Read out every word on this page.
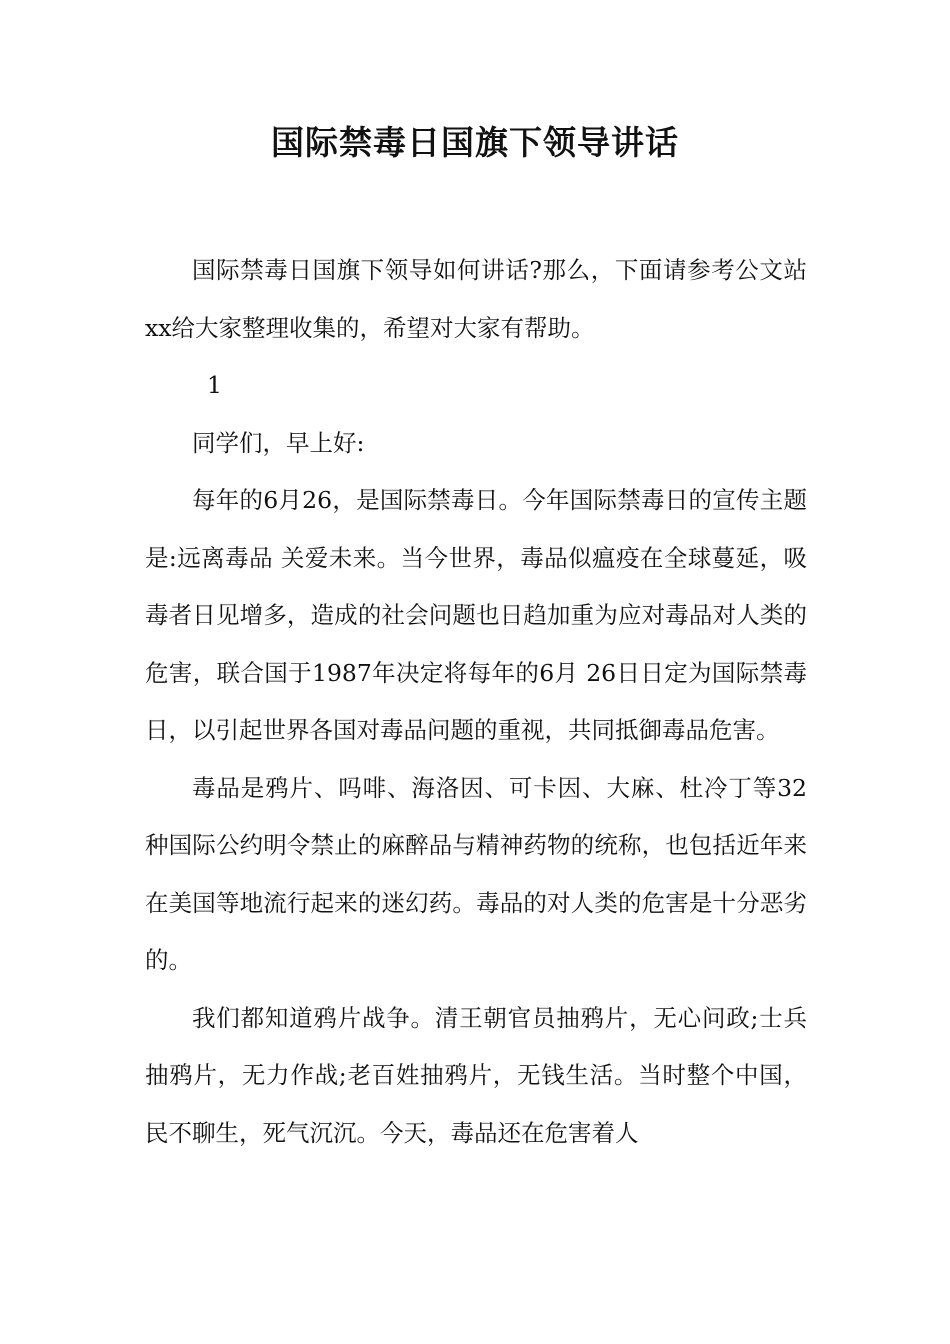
国际禁毒日国旗下领导讲话

国际禁毒日国旗下领导如何讲话?那么，下面请参考公文站xx给大家整理收集的，希望对大家有帮助。

1

同学们，早上好:

每年的6月26，是国际禁毒日。今年国际禁毒日的宣传主题是:远离毒品 关爱未来。当今世界，毒品似瘟疫在全球蔓延，吸毒者日见增多，造成的社会问题也日趋加重为应对毒品对人类的危害，联合国于1987年决定将每年的6月 26日日定为国际禁毒日，以引起世界各国对毒品问题的重视，共同抵御毒品危害。

毒品是鸦片、吗啡、海洛因、可卡因、大麻、杜冷丁等32种国际公约明令禁止的麻醉品与精神药物的统称，也包括近年来在美国等地流行起来的迷幻药。毒品的对人类的危害是十分恶劣的。

我们都知道鸦片战争。清王朝官员抽鸦片，无心问政;士兵抽鸦片，无力作战;老百姓抽鸦片，无钱生活。当时整个中国，民不聊生，死气沉沉。今天，毒品还在危害着人
